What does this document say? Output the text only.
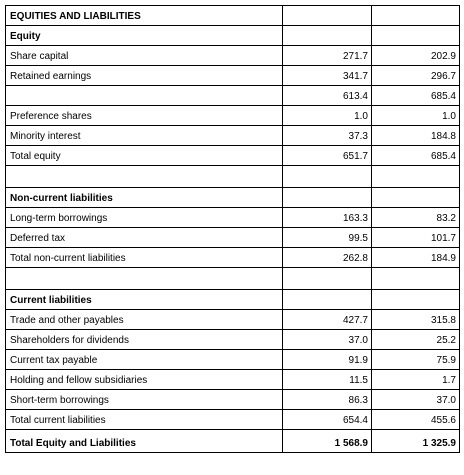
EQUITIES AND LIABILITIES		
Equity		
Share capital	271.7	202.9
Retained earnings	341.7	296.7
	613.4	685.4
Preference shares	1.0	1.0
Minority interest	37.3	184.8
Total equity	651.7	685.4

Non-current liabilities		
Long-term borrowings	163.3	83.2
Deferred tax	99.5	101.7
Total non-current liabilities	262.8	184.9

Current liabilities		
Trade and other payables	427.7	315.8
Shareholders for dividends	37.0	25.2
Current tax payable	91.9	75.9
Holding and fellow subsidiaries	11.5	1.7
Short-term borrowings	86.3	37.0
Total current liabilities	654.4	455.6
Total Equity and Liabilities	1 568.9	1 325.9
